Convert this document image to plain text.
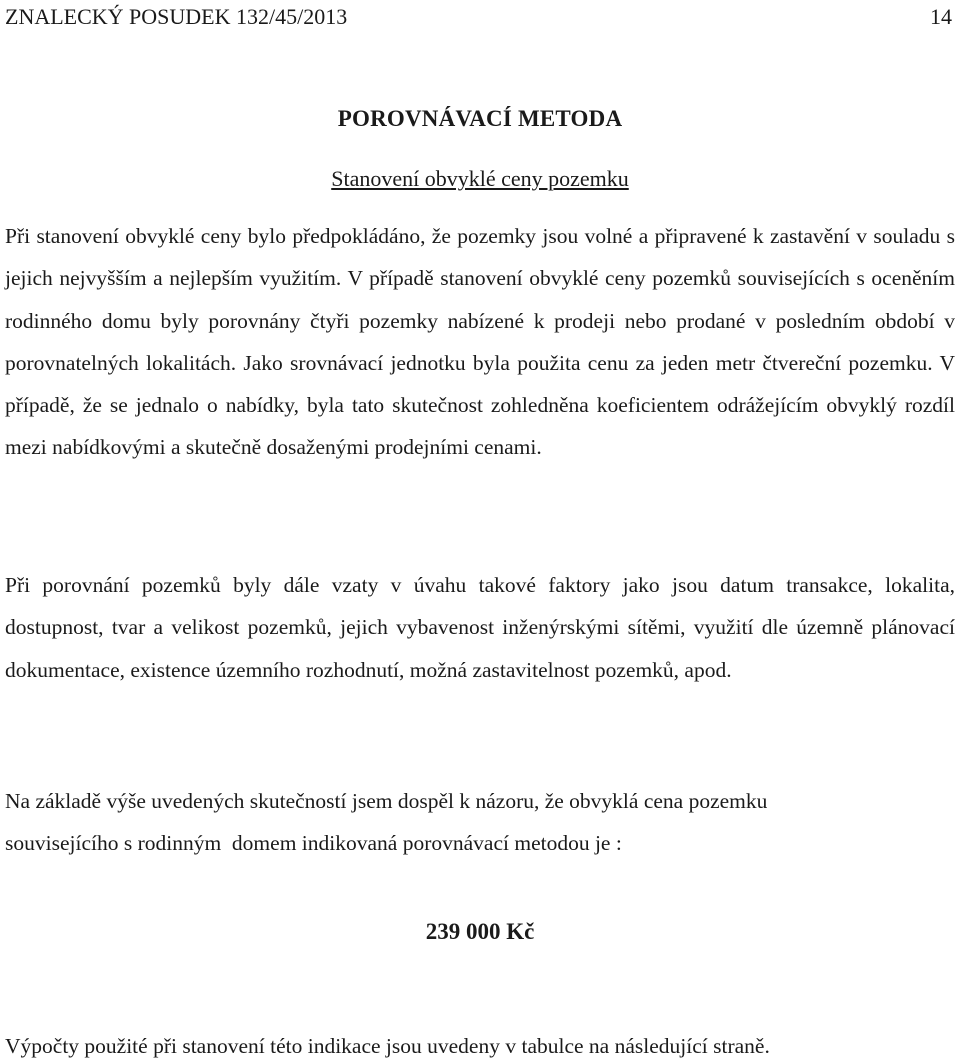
ZNALECKÝ POSUDEK 132/45/2013	14
POROVNÁVACÍ METODA
Stanovení obvyklé ceny pozemku

Při stanovení obvyklé ceny bylo předpokládáno, že pozemky jsou volné a připravené k zastavění v souladu s jejich nejvyšším a nejlepším využitím. V případě stanovení obvyklé ceny pozemků souvisejících s oceněním rodinného domu byly porovnány čtyři pozemky nabízené k prodeji nebo prodané v posledním období v porovnatelných lokalitách. Jako srovnávací jednotku byla použita cenu za jeden metr čtvereční pozemku. V případě, že se jednalo o nabídky, byla tato skutečnost zohledněna koeficientem odrážejícím obvyklý rozdíl mezi nabídkovými a skutečně dosaženými prodejními cenami.

Při porovnání pozemků byly dále vzaty v úvahu takové faktory jako jsou datum transakce, lokalita, dostupnost, tvar a velikost pozemků, jejich vybavenost inženýrskými sítěmi, využití dle územně plánovací dokumentace, existence územního rozhodnutí, možná zastavitelnost pozemků, apod.

Na základě výše uvedených skutečností jsem dospěl k názoru, že obvyklá cena pozemku
souvisejícího s rodinným  domem indikovaná porovnávací metodou je :

239 000 Kč
Výpočty použité při stanovení této indikace jsou uvedeny v tabulce na následující straně.
